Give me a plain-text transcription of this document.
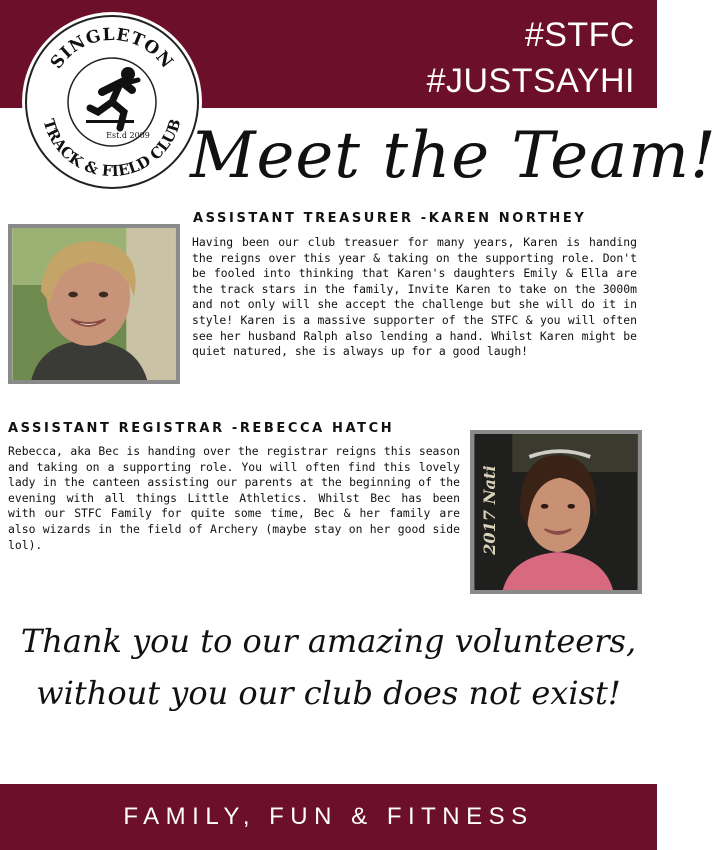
#STFC
#JUSTSAYHI
SINGLETON
TRACK & FIELD CLUB
Est.d 2009 Meet the Team!
ASSISTANT TREASURER -KAREN NORTHEY
Having been our club treasuer for many years, Karen is handing the reigns over this year & taking on the supporting role. Don't be fooled into thinking that Karen's daughters Emily & Ella are the track stars in the family, Invite Karen to take on the 3000m and not only will she accept the challenge but she will do it in style! Karen is a massive supporter of the STFC & you will often see her husband Ralph also lending a hand. Whilst Karen might be quiet natured, she is always up for a good laugh!
ASSISTANT REGISTRAR -REBECCA HATCH
Rebecca, aka Bec is handing over the registrar reigns this season and taking on a supporting role. You will often find this lovely lady in the canteen assisting our parents at the beginning of the evening with all things Little Athletics. Whilst Bec has been with our STFC Family for quite some time, Bec & her family are also wizards in the field of Archery (maybe stay on her good side lol).	2017 Nati
Thank you to our amazing volunteers,
without you our club does not exist!
FAMILY, FUN & FITNESS
